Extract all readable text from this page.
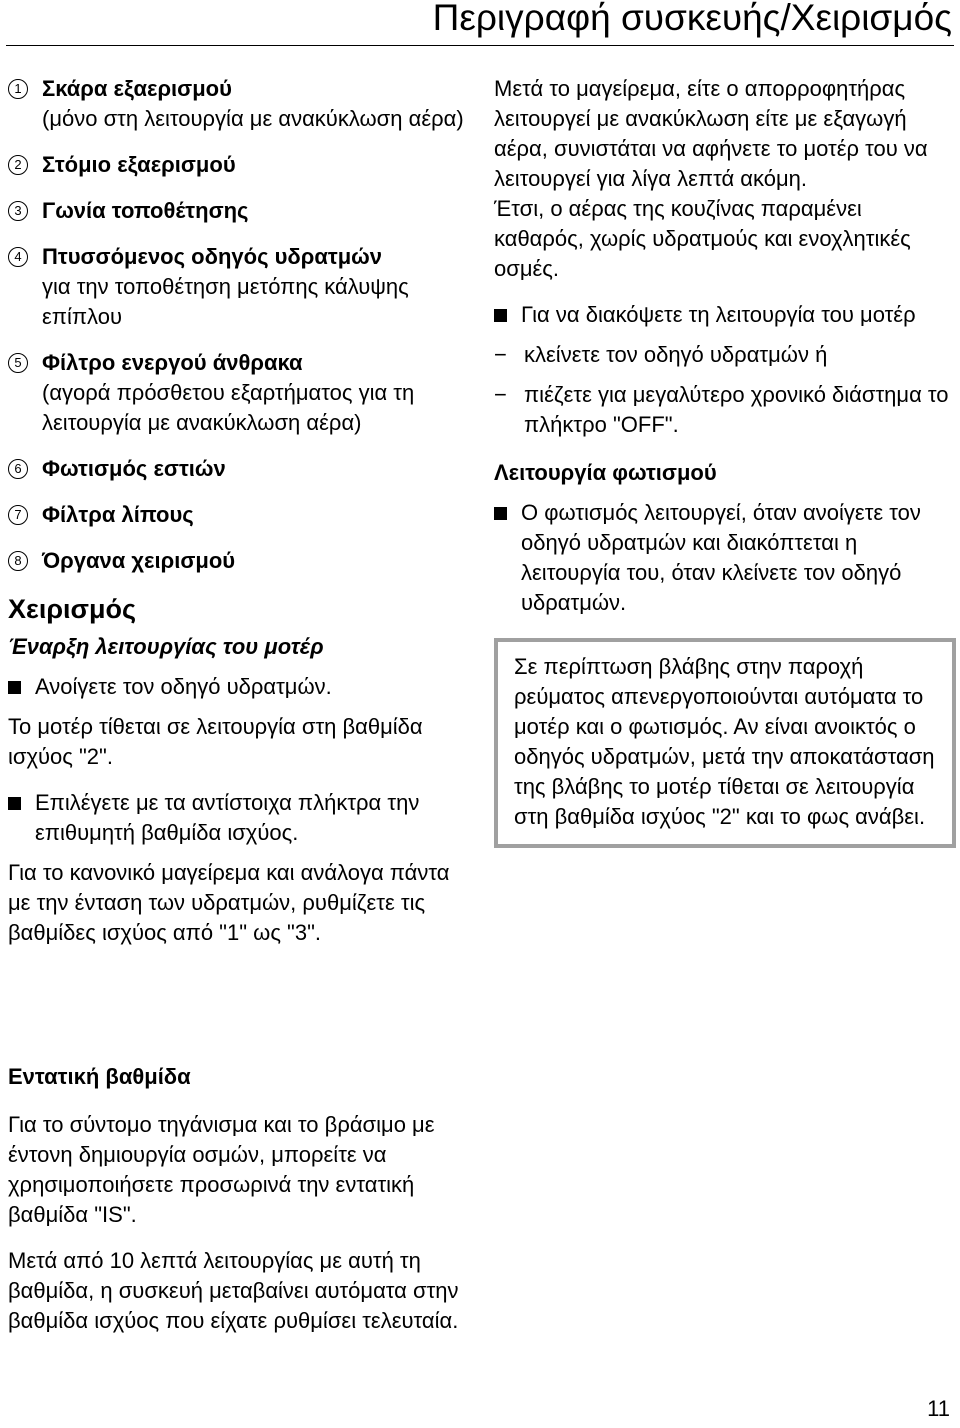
Περιγραφή συσκευής/Χειρισμός
1 Σκάρα εξαερισμού
(μόνο στη λειτουργία με ανακύκλωση αέρα)
2 Στόμιο εξαερισμού
3 Γωνία τοποθέτησης
4 Πτυσσόμενος οδηγός υδρατμών
για την τοποθέτηση μετόπης κάλυψης επίπλου
5 Φίλτρο ενεργού άνθρακα
(αγορά πρόσθετου εξαρτήματος για τη λειτουργία με ανακύκλωση αέρα)
6 Φωτισμός εστιών
7 Φίλτρα λίπους
8 Όργανα χειρισμού
Χειρισμός
Έναρξη λειτουργίας του μοτέρ
Ανοίγετε τον οδηγό υδρατμών.

Το μοτέρ τίθεται σε λειτουργία στη βαθμίδα ισχύος "2".

Επιλέγετε με τα αντίστοιχα πλήκτρα την επιθυμητή βαθμίδα ισχύος.

Για το κανονικό μαγείρεμα και ανάλογα πάντα με την ένταση των υδρατμών, ρυθμίζετε τις βαθμίδες ισχύος από "1" ως "3".

Εντατική βαθμίδα

Για το σύντομο τηγάνισμα και το βράσιμο με έντονη δημιουργία οσμών, μπορείτε να χρησιμοποιήσετε προσωρινά την εντατική βαθμίδα "IS".

Μετά από 10 λεπτά λειτουργίας με αυτή τη βαθμίδα, η συσκευή μεταβαίνει αυτόματα στην βαθμίδα ισχύος που είχατε ρυθμίσει τελευταία.

Μετά το μαγείρεμα, είτε ο απορροφητήρας λειτουργεί με ανακύκλωση είτε με εξαγωγή αέρα, συνιστάται να αφήνετε το μοτέρ του να λειτουργεί για λίγα λεπτά ακόμη.

Έτσι, ο αέρας της κουζίνας παραμένει καθαρός, χωρίς υδρατμούς και ενοχλητικές οσμές.

Για να διακόψετε τη λειτουργία του μοτέρ
− κλείνετε τον οδηγό υδρατμών ή
− πιέζετε για μεγαλύτερο χρονικό διάστημα το πλήκτρο "OFF".
Λειτουργία φωτισμού
Ο φωτισμός λειτουργεί, όταν ανοίγετε τον οδηγό υδρατμών και διακόπτεται η λειτουργία του, όταν κλείνετε τον οδηγό υδρατμών.
Σε περίπτωση βλάβης στην παροχή ρεύματος απενεργοποιούνται αυτόματα το μοτέρ και ο φωτισμός. Αν είναι ανοικτός ο οδηγός υδρατμών, μετά την αποκατάσταση της βλάβης το μοτέρ τίθεται σε λειτουργία στη βαθμίδα ισχύος "2" και το φως ανάβει.
11
